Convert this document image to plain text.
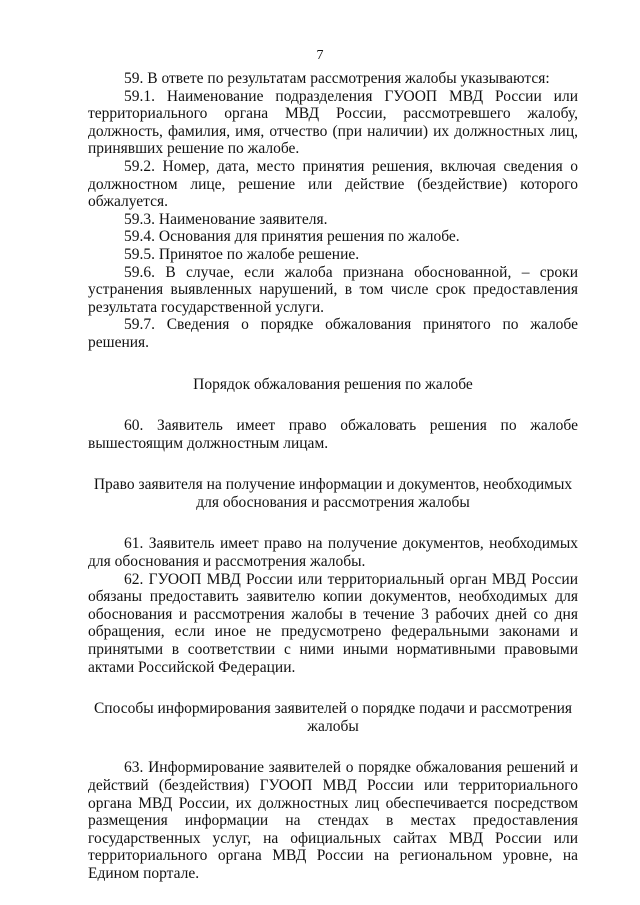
7

59. В ответе по результатам рассмотрения жалобы указываются:

59.1. Наименование подразделения ГУООП МВД России или территориального органа МВД России, рассмотревшего жалобу, должность, фамилия, имя, отчество (при наличии) их должностных лиц, принявших решение по жалобе.

59.2. Номер, дата, место принятия решения, включая сведения о должностном лице, решение или действие (бездействие) которого обжалуется.

59.3. Наименование заявителя.

59.4. Основания для принятия решения по жалобе.

59.5. Принятое по жалобе решение.

59.6. В случае, если жалоба признана обоснованной, – сроки устранения выявленных нарушений, в том числе срок предоставления результата государственной услуги.

59.7. Сведения о порядке обжалования принятого по жалобе решения.

Порядок обжалования решения по жалобе

60. Заявитель имеет право обжаловать решения по жалобе вышестоящим должностным лицам.

Право заявителя на получение информации и документов, необходимых для обоснования и рассмотрения жалобы

61. Заявитель имеет право на получение документов, необходимых для обоснования и рассмотрения жалобы.

62. ГУООП МВД России или территориальный орган МВД России обязаны предоставить заявителю копии документов, необходимых для обоснования и рассмотрения жалобы в течение 3 рабочих дней со дня обращения, если иное не предусмотрено федеральными законами и принятыми в соответствии с ними иными нормативными правовыми актами Российской Федерации.

Способы информирования заявителей о порядке подачи и рассмотрения жалобы

63. Информирование заявителей о порядке обжалования решений и действий (бездействия) ГУООП МВД России или территориального органа МВД России, их должностных лиц обеспечивается посредством размещения информации на стендах в местах предоставления государственных услуг, на официальных сайтах МВД России или территориального органа МВД России на региональном уровне, на Едином портале.
